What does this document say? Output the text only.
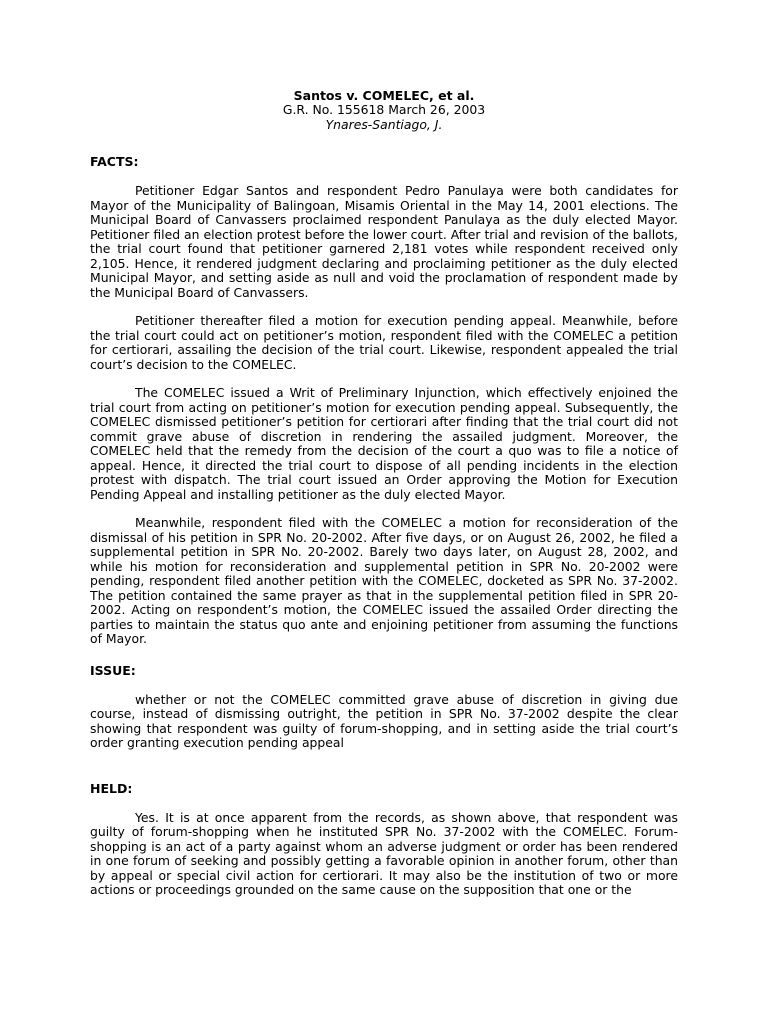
Santos v. COMELEC, et al.
G.R. No. 155618 March 26, 2003
Ynares-Santiago, J.
FACTS:

Petitioner Edgar Santos and respondent Pedro Panulaya were both candidates for Mayor of the Municipality of Balingoan, Misamis Oriental in the May 14, 2001 elections. The Municipal Board of Canvassers proclaimed respondent Panulaya as the duly elected Mayor. Petitioner filed an election protest before the lower court. After trial and revision of the ballots, the trial court found that petitioner garnered 2,181 votes while respondent received only 2,105. Hence, it rendered judgment declaring and proclaiming petitioner as the duly elected Municipal Mayor, and setting aside as null and void the proclamation of respondent made by the Municipal Board of Canvassers.

Petitioner thereafter filed a motion for execution pending appeal. Meanwhile, before the trial court could act on petitioner’s motion, respondent filed with the COMELEC a petition for certiorari, assailing the decision of the trial court. Likewise, respondent appealed the trial court’s decision to the COMELEC.

The COMELEC issued a Writ of Preliminary Injunction, which effectively enjoined the trial court from acting on petitioner’s motion for execution pending appeal. Subsequently, the COMELEC dismissed petitioner’s petition for certiorari after finding that the trial court did not commit grave abuse of discretion in rendering the assailed judgment. Moreover, the COMELEC held that the remedy from the decision of the court a quo was to file a notice of appeal. Hence, it directed the trial court to dispose of all pending incidents in the election protest with dispatch. The trial court issued an Order approving the Motion for Execution Pending Appeal and installing petitioner as the duly elected Mayor.

Meanwhile, respondent filed with the COMELEC a motion for reconsideration of the dismissal of his petition in SPR No. 20-2002. After five days, or on August 26, 2002, he filed a supplemental petition in SPR No. 20-2002. Barely two days later, on August 28, 2002, and while his motion for reconsideration and supplemental petition in SPR No. 20-2002 were pending, respondent filed another petition with the COMELEC, docketed as SPR No. 37-2002. The petition contained the same prayer as that in the supplemental petition filed in SPR 20-2002. Acting on respondent’s motion, the COMELEC issued the assailed Order directing the parties to maintain the status quo ante and enjoining petitioner from assuming the functions of Mayor.

ISSUE:

whether or not the COMELEC committed grave abuse of discretion in giving due course, instead of dismissing outright, the petition in SPR No. 37-2002 despite the clear showing that respondent was guilty of forum-shopping, and in setting aside the trial court’s order granting execution pending appeal

HELD:

Yes. It is at once apparent from the records, as shown above, that respondent was guilty of forum-shopping when he instituted SPR No. 37-2002 with the COMELEC. Forum-shopping is an act of a party against whom an adverse judgment or order has been rendered in one forum of seeking and possibly getting a favorable opinion in another forum, other than by appeal or special civil action for certiorari. It may also be the institution of two or more actions or proceedings grounded on the same cause on the supposition that one or the
